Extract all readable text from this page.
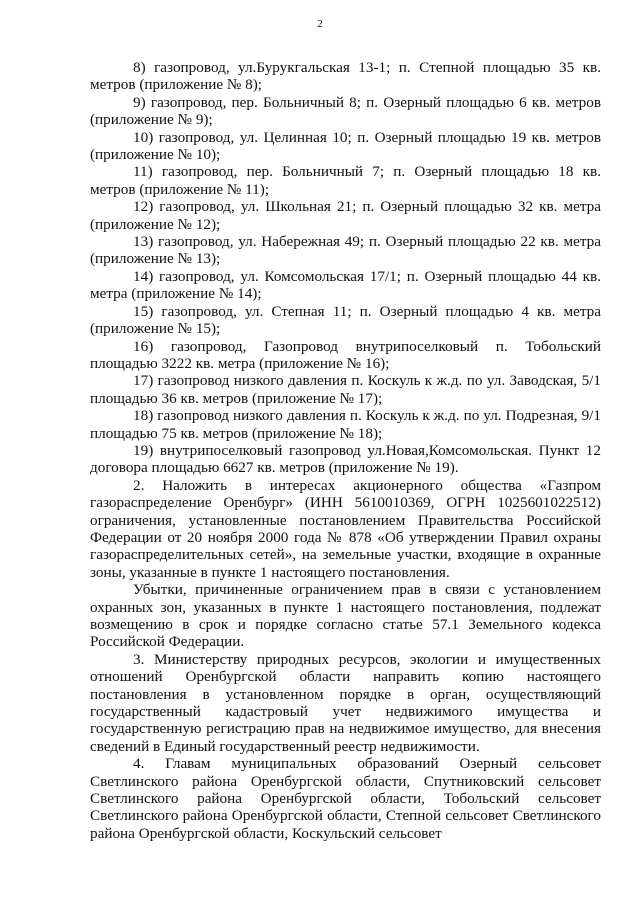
2

8) газопровод, ул.Бурукгальская 13-1; п. Степной площадью 35 кв. метров (приложение № 8);

9) газопровод, пер. Больничный 8; п. Озерный площадью 6 кв. метров (приложение № 9);

10) газопровод, ул. Целинная 10; п. Озерный площадью 19 кв. метров (приложение № 10);

11) газопровод, пер. Больничный 7; п. Озерный площадью 18 кв. метров (приложение № 11);

12) газопровод, ул. Школьная 21; п. Озерный площадью 32 кв. метра (приложение № 12);

13) газопровод, ул. Набережная 49; п. Озерный площадью 22 кв. метра (приложение № 13);

14) газопровод, ул. Комсомольская 17/1; п. Озерный площадью 44 кв. метра (приложение № 14);

15) газопровод, ул. Степная 11; п. Озерный площадью 4 кв. метра (приложение № 15);

16) газопровод, Газопровод внутрипоселковый п. Тобольский площадью 3222 кв. метра (приложение № 16);

17) газопровод низкого давления п. Коскуль к ж.д. по ул. Заводская, 5/1 площадью 36 кв. метров (приложение № 17);

18) газопровод низкого давления п. Коскуль к ж.д. по ул. Подрезная, 9/1 площадью 75 кв. метров (приложение № 18);

19) внутрипоселковый газопровод ул.Новая,Комсомольская. Пункт 12 договора площадью 6627 кв. метров (приложение № 19).

2. Наложить в интересах акционерного общества «Газпром газораспределение Оренбург» (ИНН 5610010369, ОГРН 1025601022512) ограничения, установленные постановлением Правительства Российской Федерации от 20 ноября 2000 года № 878 «Об утверждении Правил охраны газораспределительных сетей», на земельные участки, входящие в охранные зоны, указанные в пункте 1 настоящего постановления.

Убытки, причиненные ограничением прав в связи с установлением охранных зон, указанных в пункте 1 настоящего постановления, подлежат возмещению в срок и порядке согласно статье 57.1 Земельного кодекса Российской Федерации.

3. Министерству природных ресурсов, экологии и имущественных отношений Оренбургской области направить копию настоящего постановления в установленном порядке в орган, осуществляющий государственный кадастровый учет недвижимого имущества и государственную регистрацию прав на недвижимое имущество, для внесения сведений в Единый государственный реестр недвижимости.

4. Главам муниципальных образований Озерный сельсовет Светлинского района Оренбургской области, Спутниковский сельсовет Светлинского района Оренбургской области, Тобольский сельсовет Светлинского района Оренбургской области, Степной сельсовет Светлинского района Оренбургской области, Коскульский сельсовет
